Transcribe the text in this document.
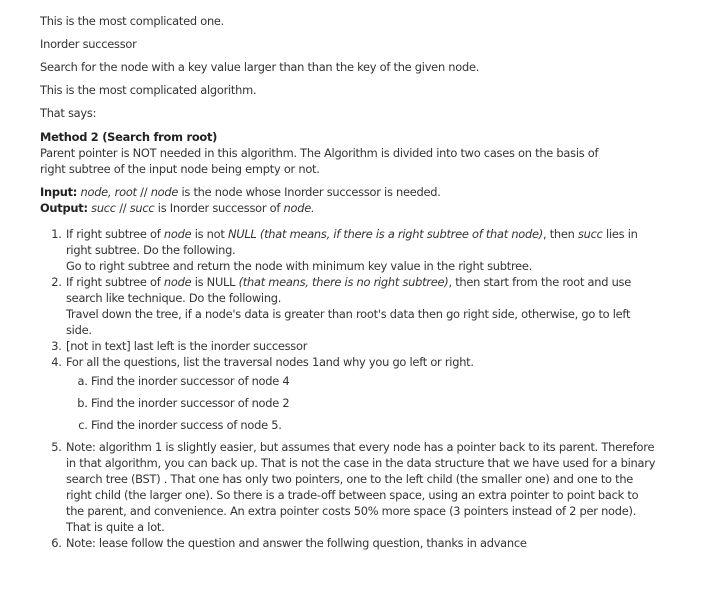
This is the most complicated one.

Inorder successor

Search for the node with a key value larger than than the key of the given node.

This is the most complicated algorithm.

That says:

Method 2 (Search from root)

Parent pointer is NOT needed in this algorithm. The Algorithm is divided into two cases on the basis of

right subtree of the input node being empty or not.

Input: node, root // node is the node whose Inorder successor is needed.

Output: succ // succ is Inorder successor of node.

1. If right subtree of node is not NULL (that means, if there is a right subtree of that node), then succ lies in
right subtree. Do the following.
Go to right subtree and return the node with minimum key value in the right subtree.
2. If right subtree of node is NULL (that means, there is no right subtree), then start from the root and use
search like technique. Do the following.
Travel down the tree, if a node's data is greater than root's data then go right side, otherwise, go to left
side.
3. [not in text] last left is the inorder successor
4. For all the questions, list the traversal nodes 1and why you go left or right.
a. Find the inorder successor of node 4
b. Find the inorder successor of node 2
c. Find the inorder success of node 5.
5. Note: algorithm 1 is slightly easier, but assumes that every node has a pointer back to its parent. Therefore
in that algorithm, you can back up. That is not the case in the data structure that we have used for a binary
search tree (BST) . That one has only two pointers, one to the left child (the smaller one) and one to the
right child (the larger one). So there is a trade-off between space, using an extra pointer to point back to
the parent, and convenience. An extra pointer costs 50% more space (3 pointers instead of 2 per node).
That is quite a lot.
6. Note: lease follow the question and answer the follwing question, thanks in advance
